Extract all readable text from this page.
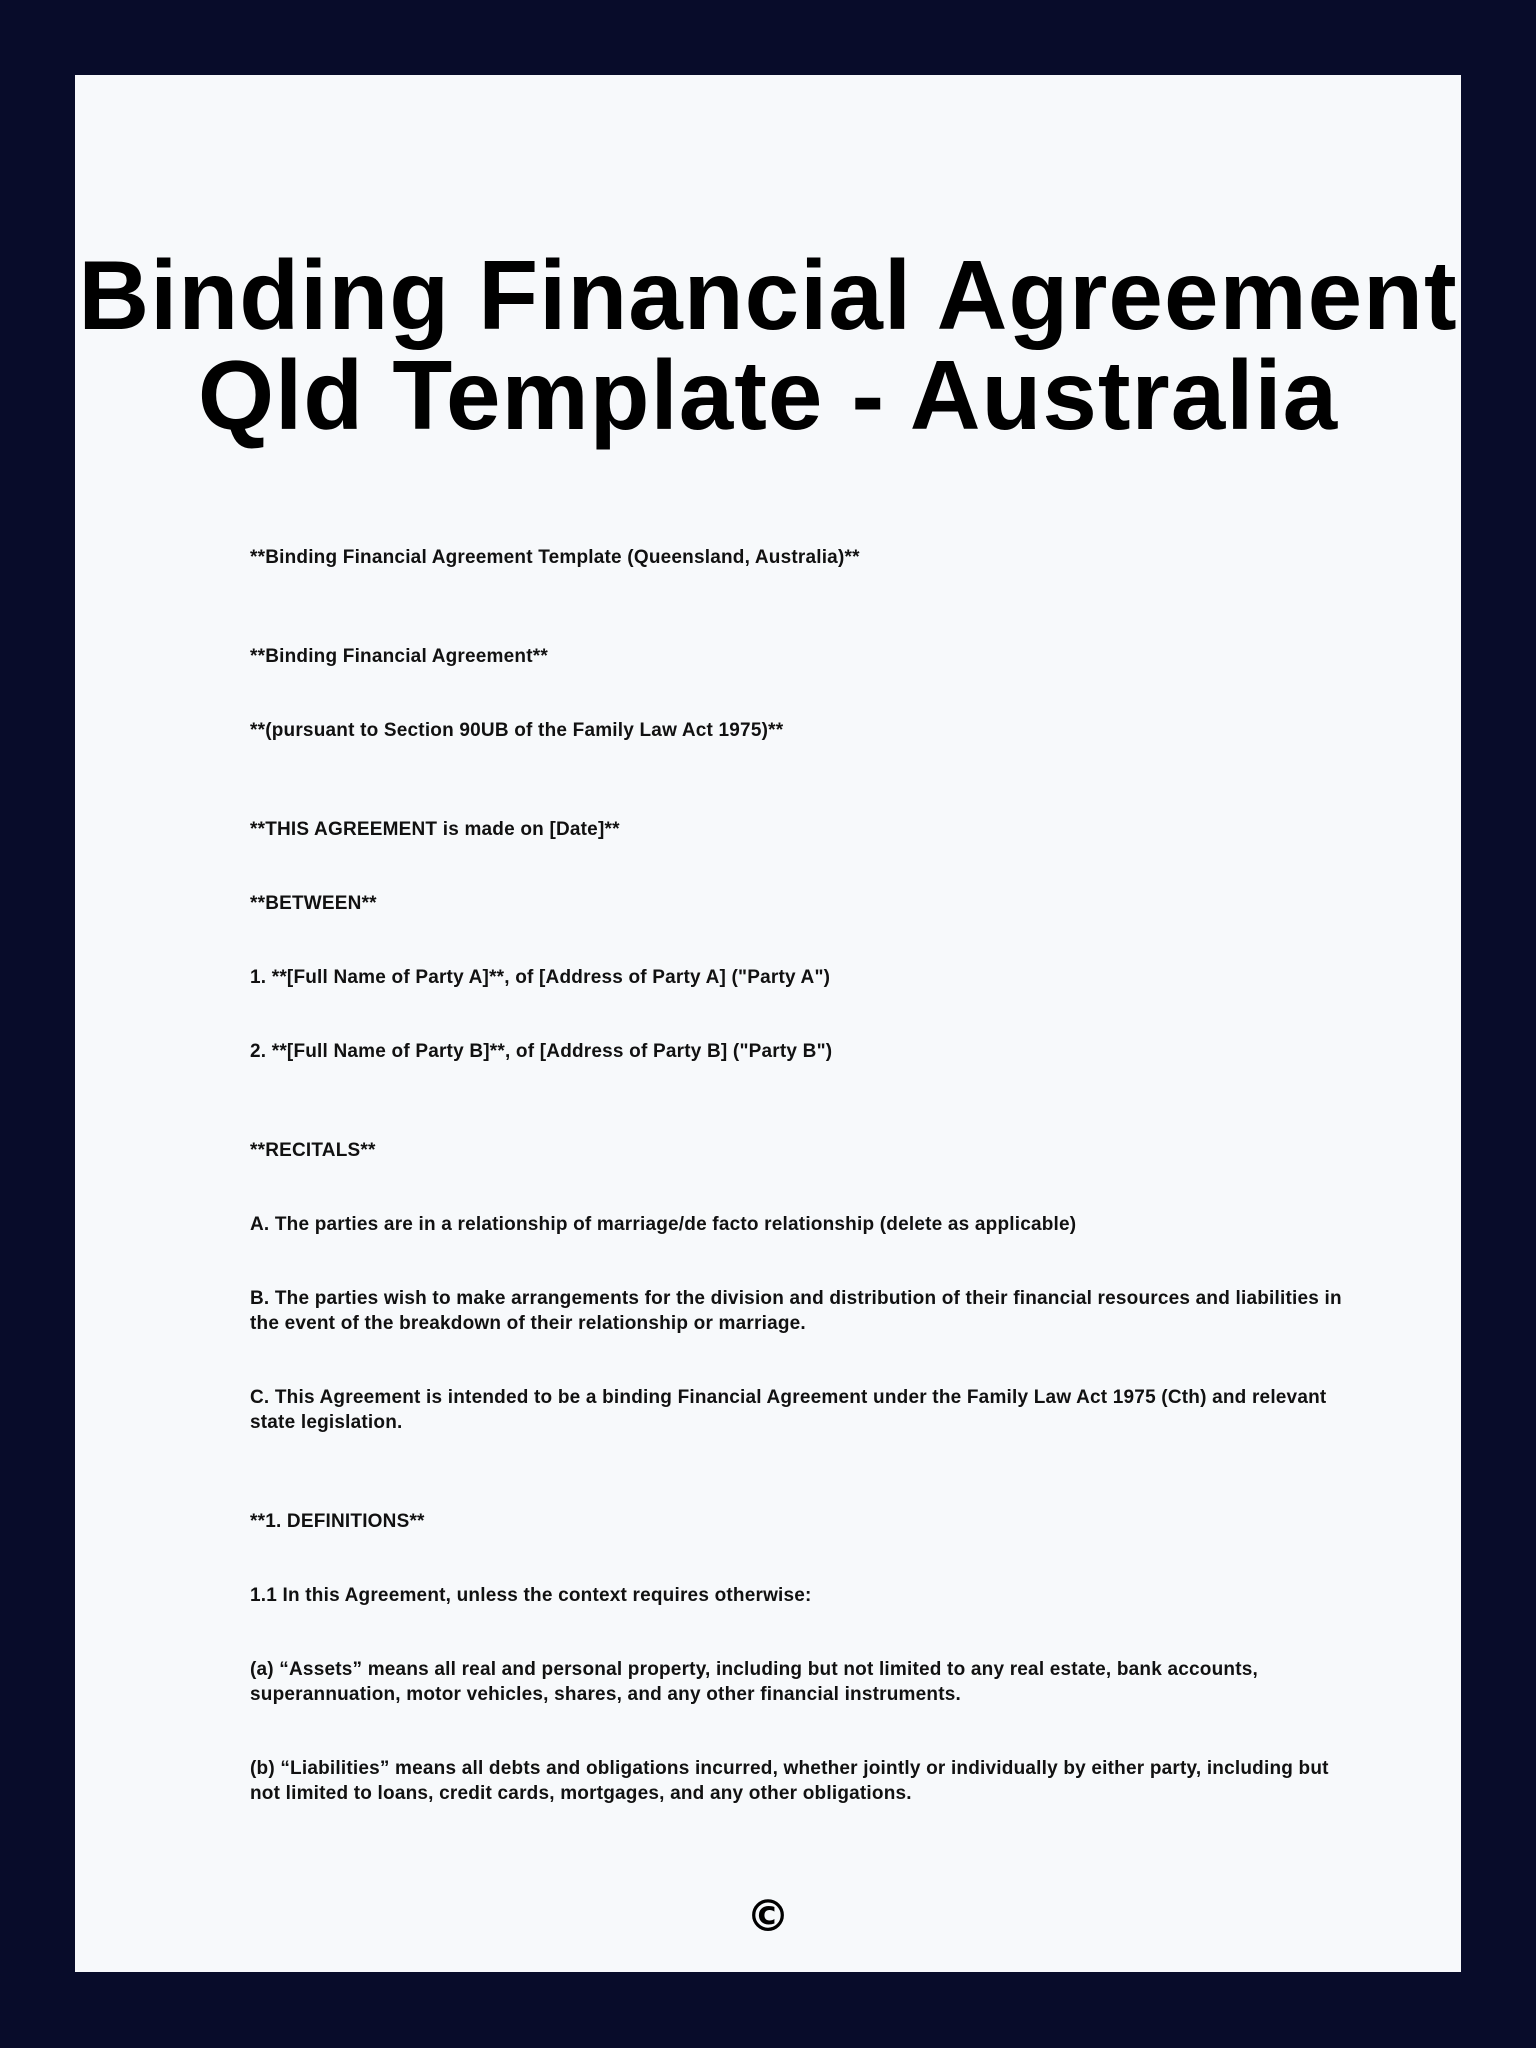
Binding Financial Agreement
Qld Template - Australia

**Binding Financial Agreement Template (Queensland, Australia)**

**Binding Financial Agreement**

**(pursuant to Section 90UB of the Family Law Act 1975)**

**THIS AGREEMENT is made on [Date]**

**BETWEEN**

1. **[Full Name of Party A]**, of [Address of Party A] ("Party A")

2. **[Full Name of Party B]**, of [Address of Party B] ("Party B")

**RECITALS**

A. The parties are in a relationship of marriage/de facto relationship (delete as applicable)

B. The parties wish to make arrangements for the division and distribution of their financial resources and liabilities in the event of the breakdown of their relationship or marriage.

C. This Agreement is intended to be a binding Financial Agreement under the Family Law Act 1975 (Cth) and relevant state legislation.

**1. DEFINITIONS**

1.1 In this Agreement, unless the context requires otherwise:

(a) “Assets” means all real and personal property, including but not limited to any real estate, bank accounts, superannuation, motor vehicles, shares, and any other financial instruments.

(b) “Liabilities” means all debts and obligations incurred, whether jointly or individually by either party, including but not limited to loans, credit cards, mortgages, and any other obligations.

©
